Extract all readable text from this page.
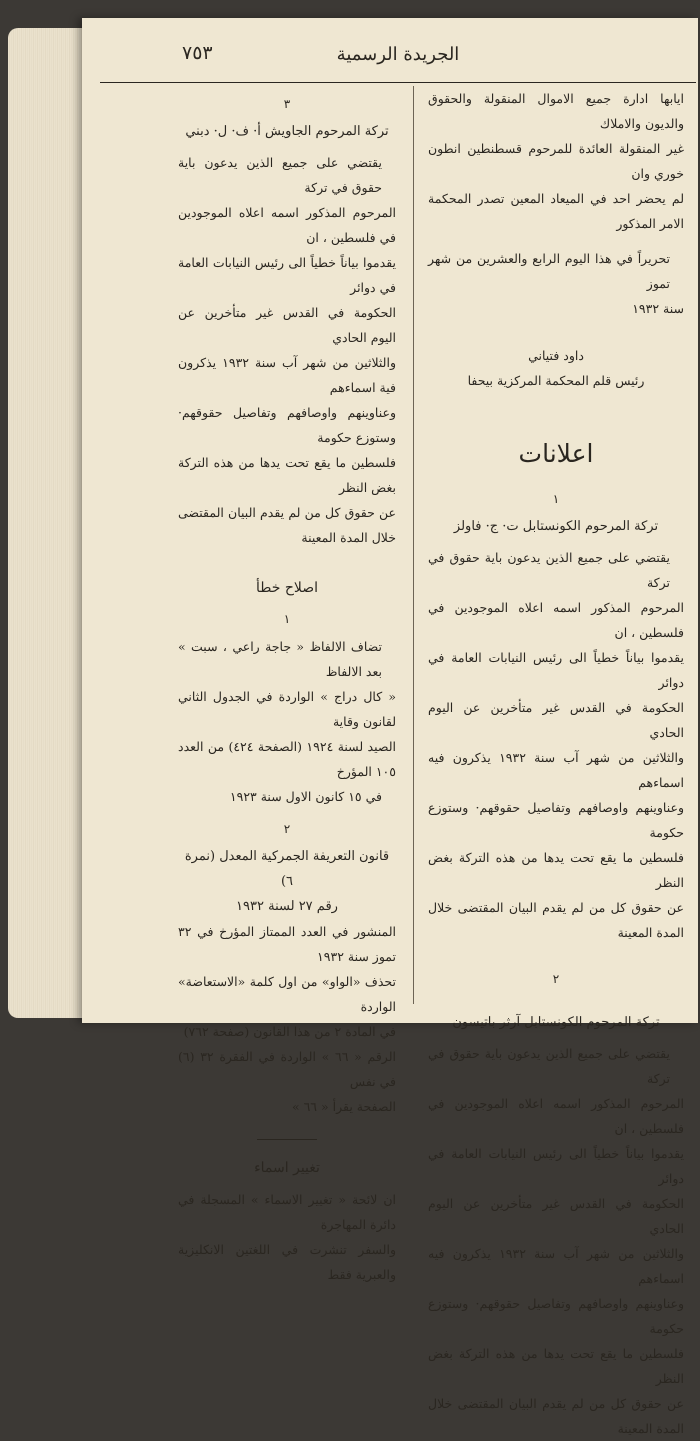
٧٥٣	الجريدة الرسمية

ايابها ادارة جميع الاموال المنقولة والحقوق والديون والاملاك

غير المنقولة العائدة للمرحوم قسطنطين انطون خوري وان

لم يحضر احد في الميعاد المعين تصدر المحكمة الامر المذكور

تحريراً في هذا اليوم الرابع والعشرين من شهر تموز

سنة ١٩٣٢

داود فتياني
رئيس قلم المحكمة المركزية بيحفا
اعلانات
١
تركة المرحوم الكونستابل ت· ج· فاولز

يقتضي على جميع الذين يدعون باية حقوق في تركة

المرحوم المذكور اسمه اعلاه الموجودين في فلسطين ، ان

يقدموا بياناً خطياً الى رئيس النيابات العامة في دوائر

الحكومة في القدس غير متأخرين عن اليوم الحادي

والثلاثين من شهر آب سنة ١٩٣٢ يذكرون فيه اسماءهم

وعناوينهم واوصافهم وتفاصيل حقوقهم· وستوزع حكومة

فلسطين ما يقع تحت يدها من هذه التركة بغض النظر

عن حقوق كل من لم يقدم البيان المقتضى خلال المدة المعينة

٢
تركة المرحوم الكونستابل آرثر باتيسون

يقتضي على جميع الذين يدعون باية حقوق في تركة

المرحوم المذكور اسمه اعلاه الموجودين في فلسطين ، ان

يقدموا بياناً خطياً الى رئيس النيابات العامة في دوائر

الحكومة في القدس غير متأخرين عن اليوم الحادي

والثلاثين من شهر آب سنة ١٩٣٢ يذكرون فيه اسماءهم

وعناوينهم واوصافهم وتفاصيل حقوقهم· وستوزع حكومة

فلسطين ما يقع تحت يدها من هذه التركة بغض النظر

عن حقوق كل من لم يقدم البيان المقتضى خلال المدة المعينة

٣
تركة المرحوم الجاويش أ· ف· ل· دبني

يقتضي على جميع الذين يدعون باية حقوق في تركة

المرحوم المذكور اسمه اعلاه الموجودين في فلسطين ، ان

يقدموا بياناً خطياً الى رئيس النيابات العامة في دوائر

الحكومة في القدس غير متأخرين عن اليوم الحادي

والثلاثين من شهر آب سنة ١٩٣٢ يذكرون فية اسماءهم

وعناوينهم واوصافهم وتفاصيل حقوقهم· وستوزع حكومة

فلسطين ما يقع تحت يدها من هذه التركة بغض النظر

عن حقوق كل من لم يقدم البيان المقتضى خلال المدة المعينة

اصلاح خطأ
١

تضاف الالفاظ « جاجة راعي ، سبت » بعد الالفاظ

« كال دراج » الواردة في الجدول الثاني لقانون وقاية

الصيد لسنة ١٩٢٤ (الصفحة ٤٢٤) من العدد ١٠٥ المؤرخ

في ١٥ كانون الاول سنة ١٩٢٣

٢
قانون التعريفة الجمركية المعدل (نمرة ٦)
رقم ٢٧ لسنة ١٩٣٢

المنشور في العدد الممتاز المؤرخ في ٣٢ تموز سنة ١٩٣٢

تحذف «الواو» من اول كلمة «الاستعاضة» الواردة

في المادة ٢ من هذا القانون (صفحة ٧٦٢)

الرقم « ٦٦ » الواردة في الفقرة ٣٢ (٦) في نفس

الصفحة يقرأ « ٦٦ »

تغيير اسماء

ان لائحة « تغيير الاسماء » المسجلة في دائرة المهاجرة

والسفر تنشرت في اللغتين الانكليزية والعبرية فقط
